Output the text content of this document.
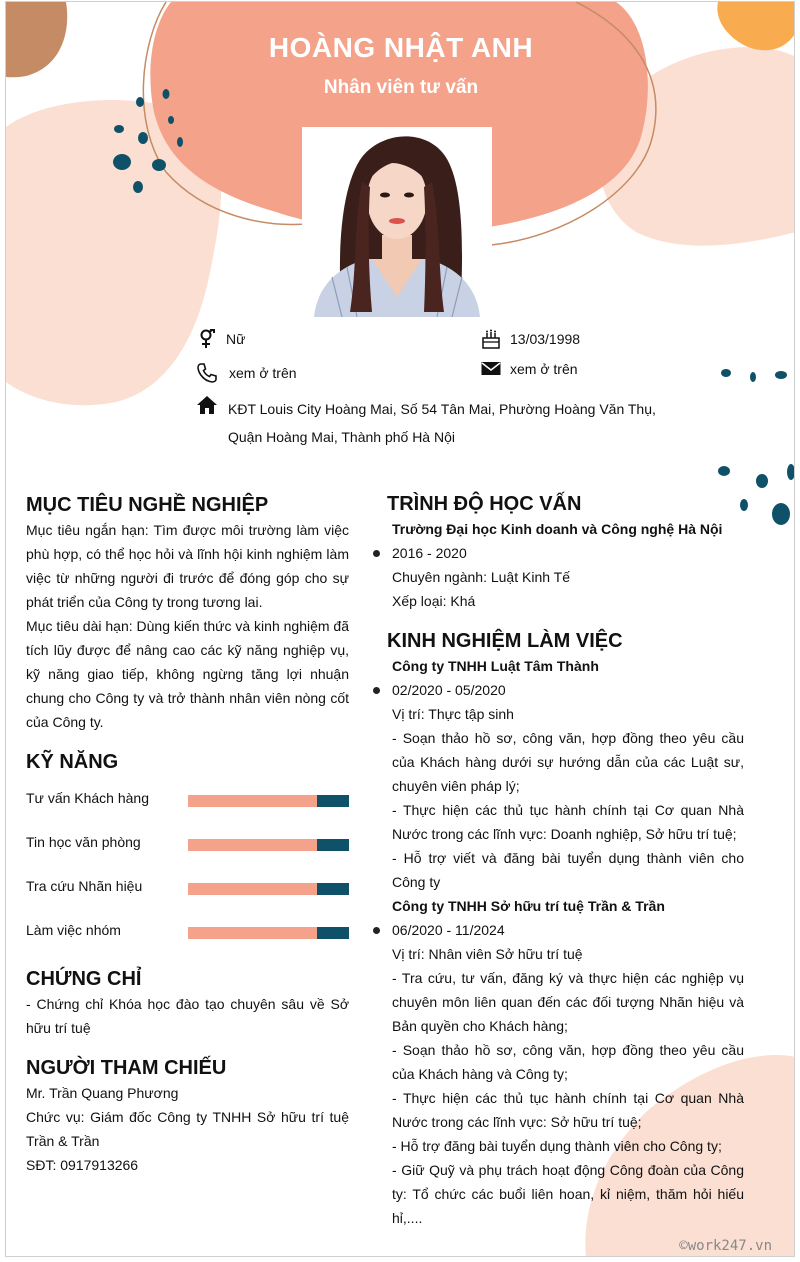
HOÀNG NHẬT ANH
Nhân viên tư vấn
Nữ	13/03/1998
xem ở trên	xem ở trên
KĐT Louis City Hoàng Mai, Số 54 Tân Mai, Phường Hoàng Văn Thụ,
Quận Hoàng Mai, Thành phố Hà Nội
MỤC TIÊU NGHỀ NGHIỆP
Mục tiêu ngắn hạn: Tìm được môi trường làm việc phù hợp, có thể học hỏi và lĩnh hội kinh nghiệm làm việc từ những người đi trước để đóng góp cho sự phát triển của Công ty trong tương lai.
Mục tiêu dài hạn: Dùng kiến thức và kinh nghiệm đã tích lũy được để nâng cao các kỹ năng nghiệp vụ, kỹ năng giao tiếp, không ngừng tăng lợi nhuận chung cho Công ty và trở thành nhân viên nòng cốt của Công ty.
KỸ NĂNG
Tư vấn Khách hàng
Tin học văn phòng
Tra cứu Nhãn hiệu
Làm việc nhóm
CHỨNG CHỈ
- Chứng chỉ Khóa học đào tạo chuyên sâu về Sở hữu trí tuệ
NGƯỜI THAM CHIẾU
Mr. Trần Quang Phương
Chức vụ: Giám đốc Công ty TNHH Sở hữu trí tuệ Trần & Trần
SĐT: 0917913266
TRÌNH ĐỘ HỌC VẤN
Trường Đại học Kinh doanh và Công nghệ Hà Nội
2016 - 2020
Chuyên ngành: Luật Kinh Tế
Xếp loại: Khá
KINH NGHIỆM LÀM VIỆC
Công ty TNHH Luật Tâm Thành
02/2020 - 05/2020
Vị trí: Thực tập sinh
- Soạn thảo hồ sơ, công văn, hợp đồng theo yêu cầu của Khách hàng dưới sự hướng dẫn của các Luật sư, chuyên viên pháp lý;
- Thực hiện các thủ tục hành chính tại Cơ quan Nhà Nước trong các lĩnh vực: Doanh nghiệp, Sở hữu trí tuệ;
- Hỗ trợ viết và đăng bài tuyển dụng thành viên cho Công ty
Công ty TNHH Sở hữu trí tuệ Trần & Trần
06/2020 - 11/2024
Vị trí: Nhân viên Sở hữu trí tuệ
- Tra cứu, tư vấn, đăng ký và thực hiện các nghiệp vụ chuyên môn liên quan đến các đối tượng Nhãn hiệu và Bản quyền cho Khách hàng;
- Soạn thảo hồ sơ, công văn, hợp đồng theo yêu cầu của Khách hàng và Công ty;
- Thực hiện các thủ tục hành chính tại Cơ quan Nhà Nước trong các lĩnh vực: Sở hữu trí tuệ;
- Hỗ trợ đăng bài tuyển dụng thành viên cho Công ty;
- Giữ Quỹ và phụ trách hoạt động Công đoàn của Công ty: Tổ chức các buổi liên hoan, kỉ niệm, thăm hỏi hiếu hỉ,....
©work247.vn
